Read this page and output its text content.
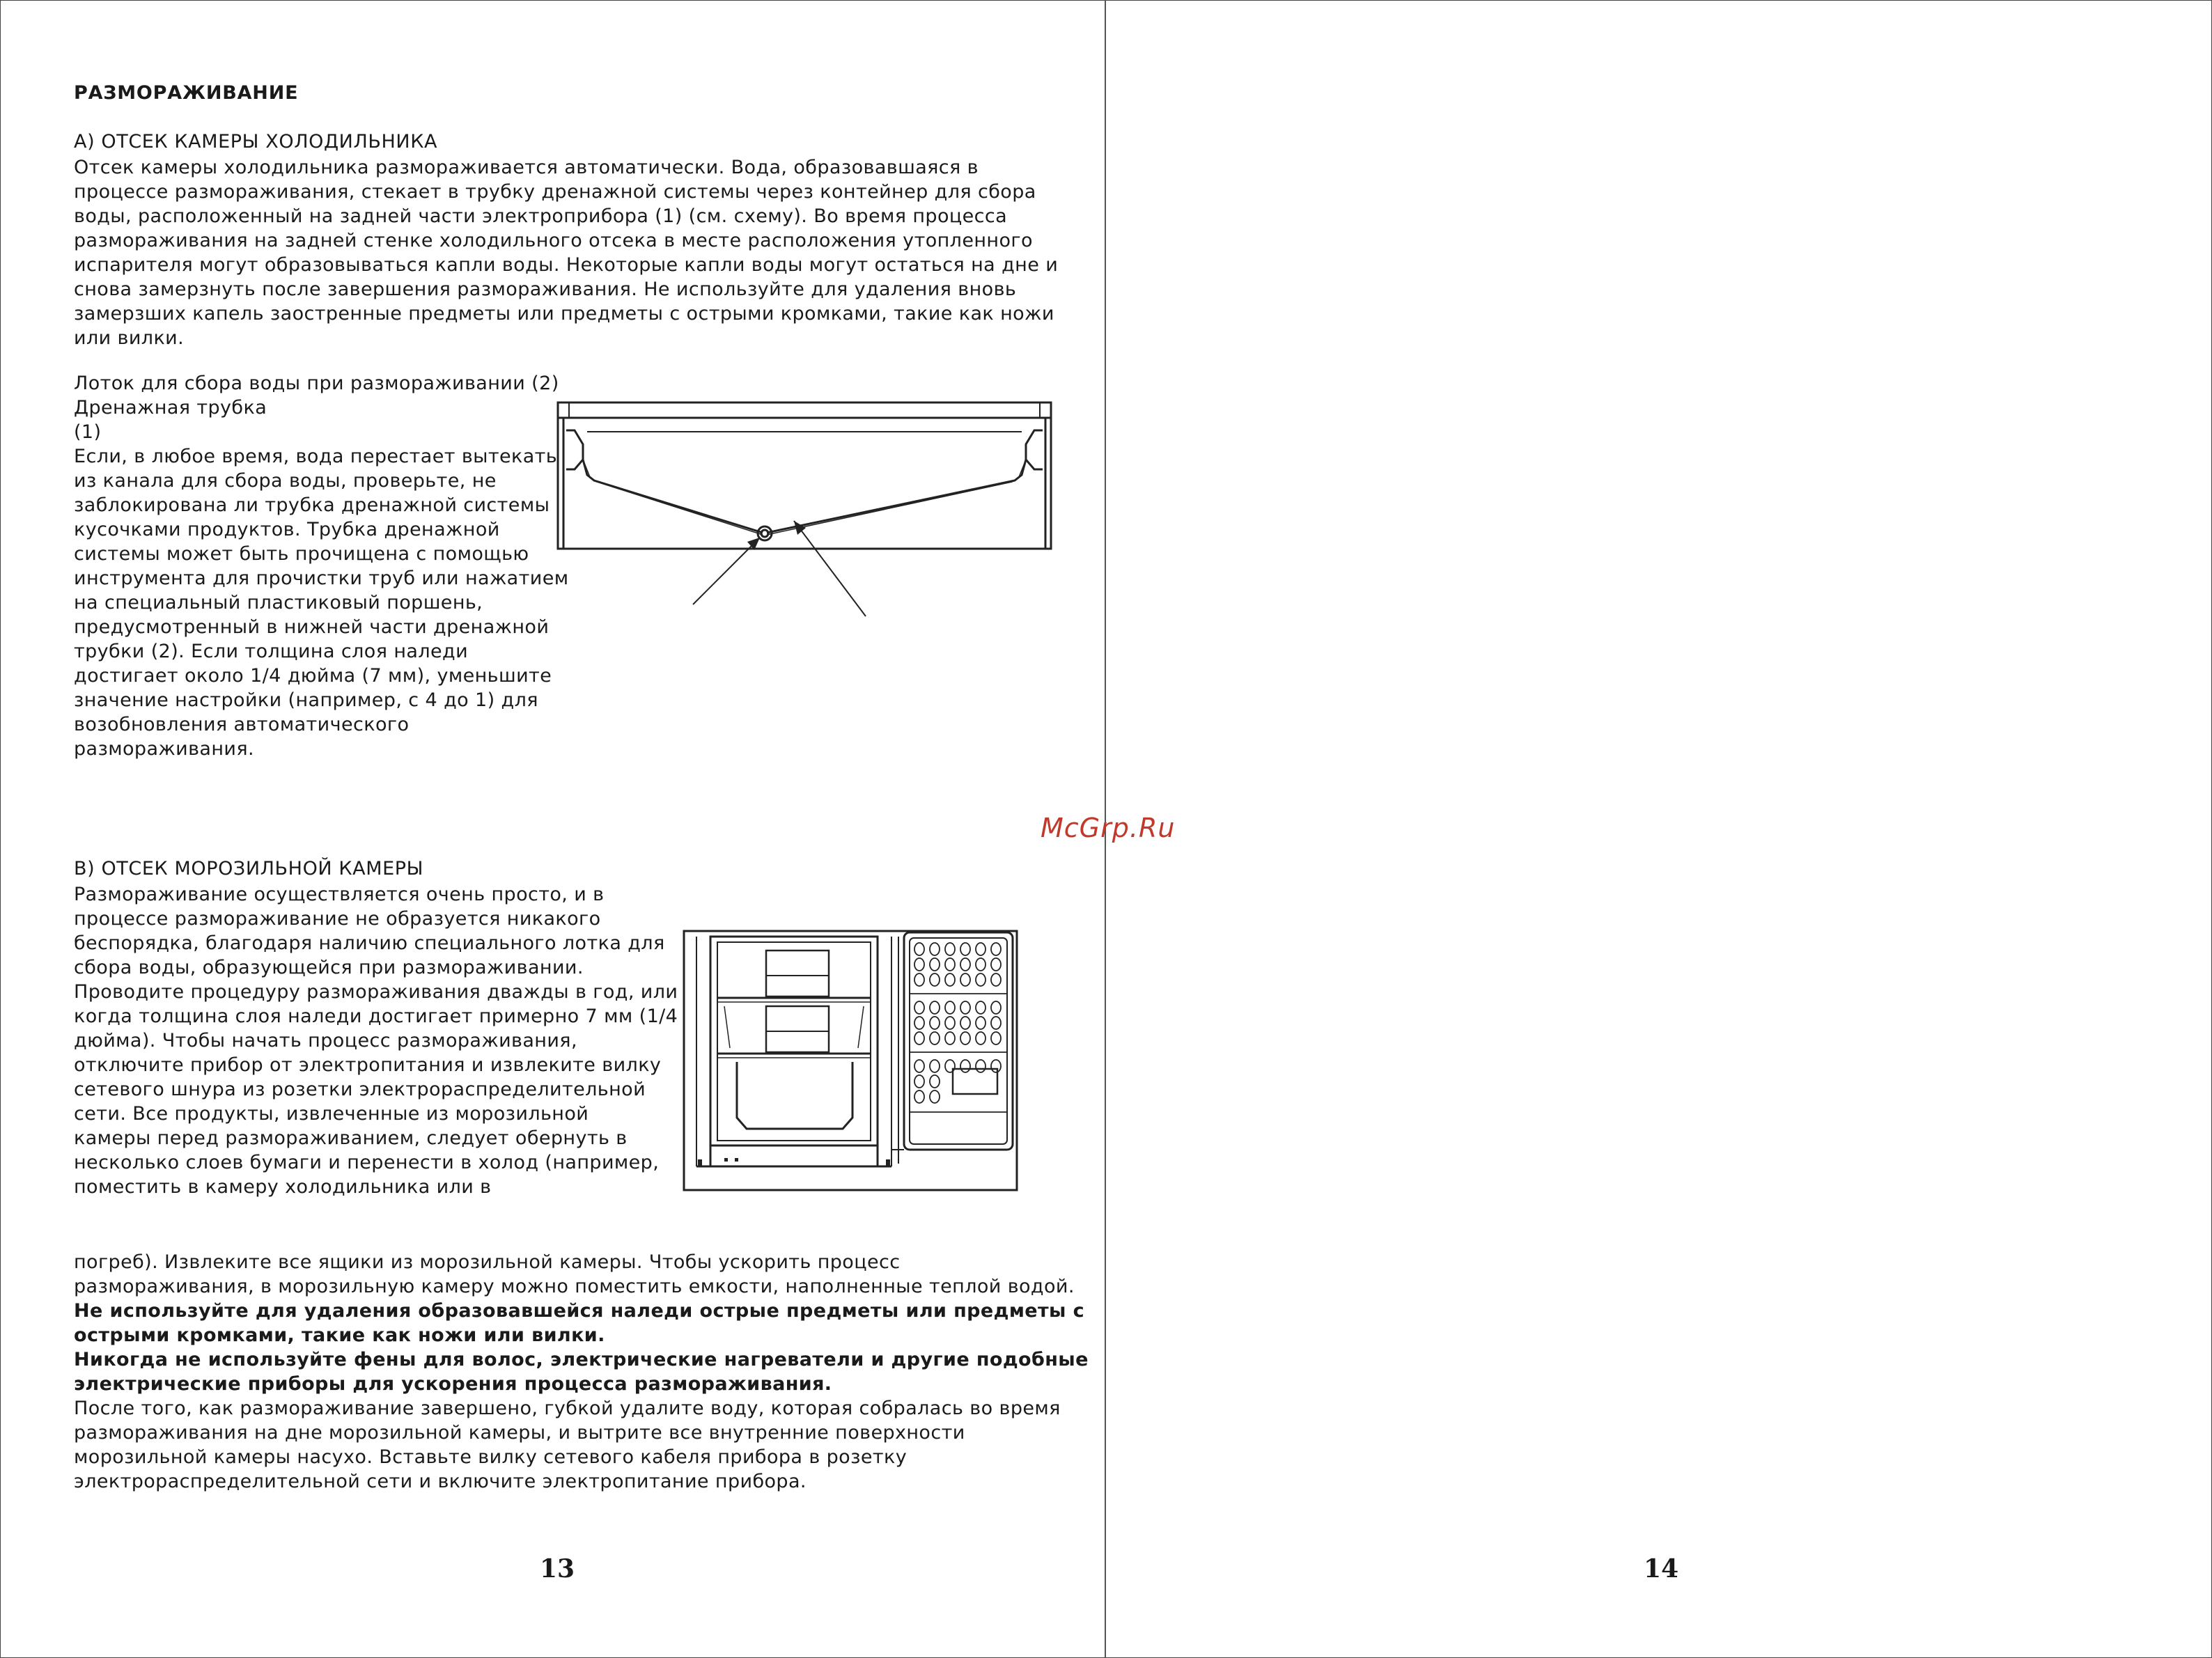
РАЗМОРАЖИВАНИЕ
А) ОТСЕК КАМЕРЫ ХОЛОДИЛЬНИКА
Отсек камеры холодильника размораживается автоматически. Вода, образовавшаяся в
процессе размораживания, стекает в трубку дренажной системы через контейнер для сбора
воды, расположенный на задней части электроприбора (1) (см. схему). Во время процесса
размораживания на задней стенке холодильного отсека в месте расположения утопленного
испарителя могут образовываться капли воды. Некоторые капли воды могут остаться на дне и
снова замерзнуть после завершения размораживания. Не используйте для удаления вновь
замерзших капель заостренные предметы или предметы с острыми кромками, такие как ножи
или вилки.
Лоток для сбора воды при размораживании (2)
Дренажная трубка
(1)
Если, в любое время, вода перестает вытекать
из канала для сбора воды, проверьте, не
заблокирована ли трубка дренажной системы
кусочками продуктов. Трубка дренажной
системы может быть прочищена с помощью
инструмента для прочистки труб или нажатием
на специальный пластиковый поршень,
предусмотренный в нижней части дренажной
трубки (2). Если толщина слоя наледи
достигает около 1/4 дюйма (7 мм), уменьшите
значение настройки (например, с 4 до 1) для
возобновления автоматического
размораживания.
В) ОТСЕК МОРОЗИЛЬНОЙ КАМЕРЫ
Размораживание осуществляется очень просто, и в
процессе размораживание не образуется никакого
беспорядка, благодаря наличию специального лотка для
сбора воды, образующейся при размораживании.
Проводите процедуру размораживания дважды в год, или
когда толщина слоя наледи достигает примерно 7 мм (1/4
дюйма). Чтобы начать процесс размораживания,
отключите прибор от электропитания и извлеките вилку
сетевого шнура из розетки электрораспределительной
сети. Все продукты, извлеченные из морозильной
камеры перед размораживанием, следует обернуть в
несколько слоев бумаги и перенести в холод (например,
поместить в камеру холодильника или в
погреб). Извлеките все ящики из морозильной камеры. Чтобы ускорить процесс
размораживания, в морозильную камеру можно поместить емкости, наполненные теплой водой.
Не используйте для удаления образовавшейся наледи острые предметы или предметы с
острыми кромками, такие как ножи или вилки.
Никогда не используйте фены для волос, электрические нагреватели и другие подобные
электрические приборы для ускорения процесса размораживания.
После того, как размораживание завершено, губкой удалите воду, которая собралась во время
размораживания на дне морозильной камеры, и вытрите все внутренние поверхности
морозильной камеры насухо. Вставьте вилку сетевого кабеля прибора в розетку
электрораспределительной сети и включите электропитание прибора.
13
McGrp.Ru
14
